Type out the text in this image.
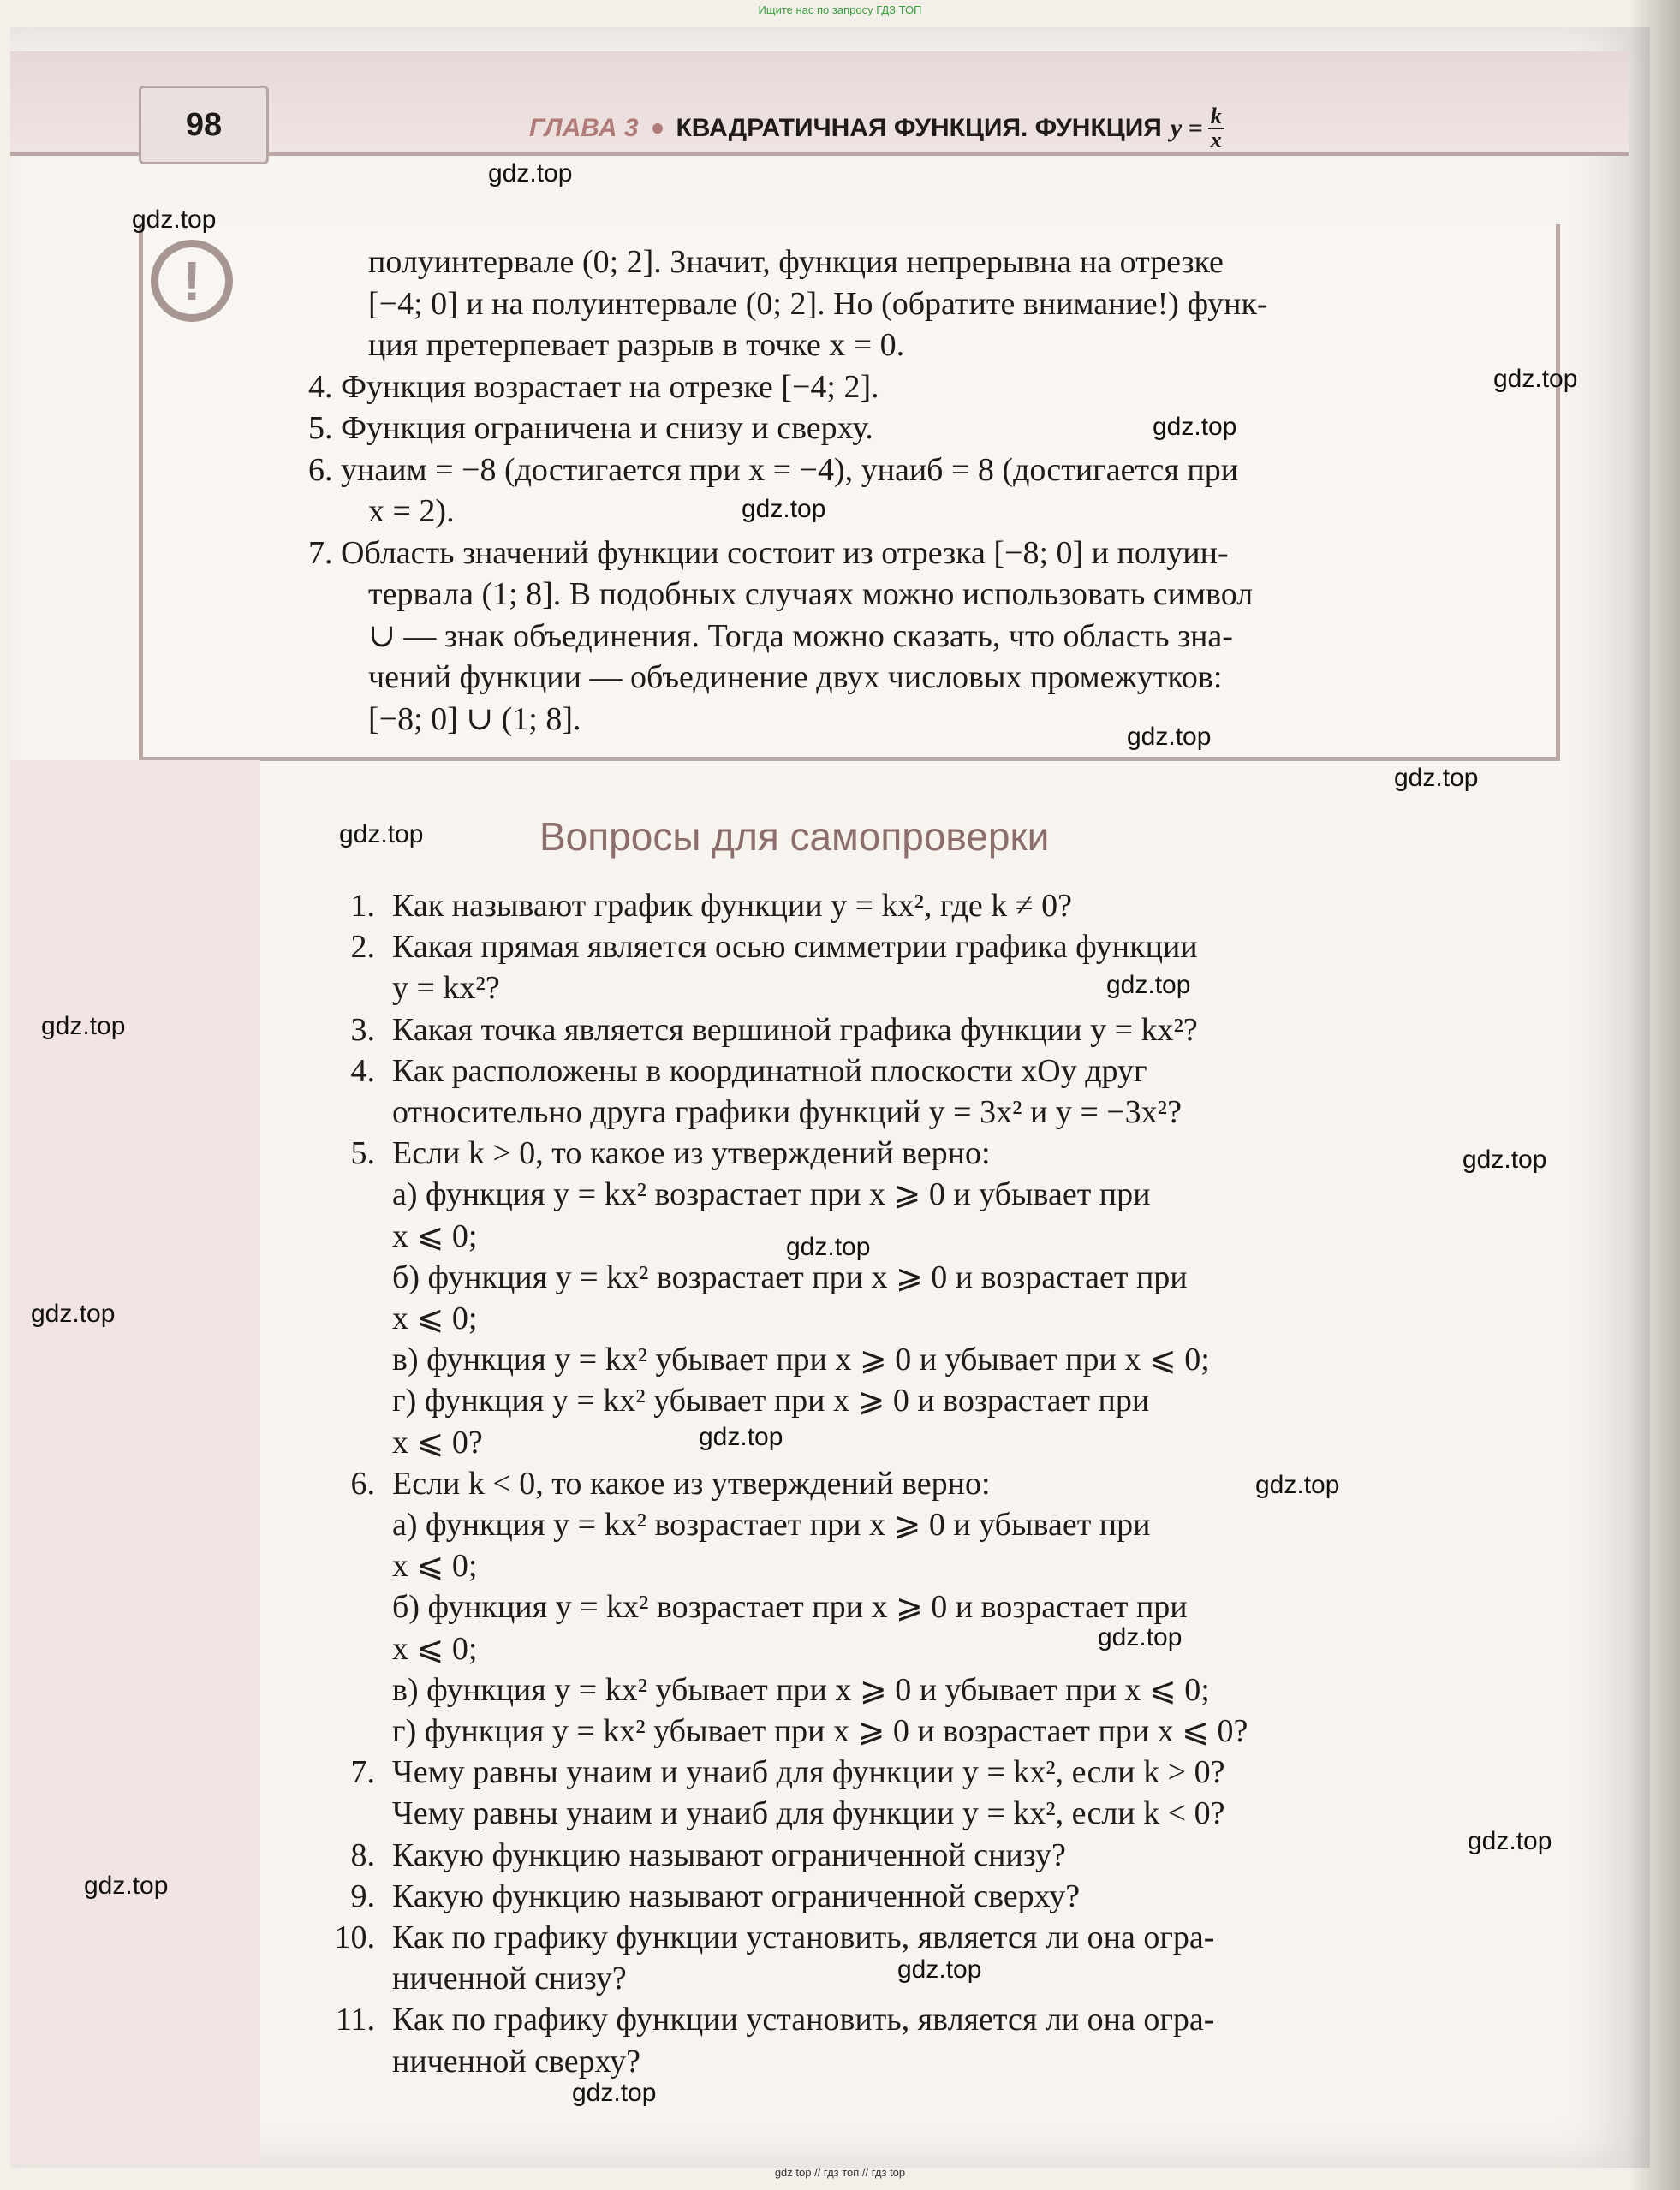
Ищите нас по запросу ГДЗ ТОП
98	ГЛАВА 3 КВАДРАТИЧНАЯ ФУНКЦИЯ. ФУНКЦИЯ $y = \frac{k}{x}$
!	полуинтервале (0; 2]. Значит, функция непрерывна на отрезке
[−4; 0] и на полуинтервале (0; 2]. Но (обратите внимание!) функ-
ция претерпевает разрыв в точке x = 0.
4. Функция возрастает на отрезке [−4; 2].
5. Функция ограничена и снизу и сверху.
6. yнаим = −8 (достигается при x = −4), yнаиб = 8 (достигается при
x = 2).
7. Область значений функции состоит из отрезка [−8; 0] и полуин-
тервала (1; 8]. В подобных случаях можно использовать символ
∪ — знак объединения. Тогда можно сказать, что область зна-
чений функции — объединение двух числовых промежутков:
[−8; 0] ∪ (1; 8].
Вопросы для самопроверки
1. Как называют график функции y = kx², где k ≠ 0?
2. Какая прямая является осью симметрии графика функции
y = kx²?
3. Какая точка является вершиной графика функции y = kx²?
4. Как расположены в координатной плоскости xOy друг
относительно друга графики функций y = 3x² и y = −3x²?
5. Если k > 0, то какое из утверждений верно:
а) функция y = kx² возрастает при x ⩾ 0 и убывает при
x ⩽ 0;
б) функция y = kx² возрастает при x ⩾ 0 и возрастает при
x ⩽ 0;
в) функция y = kx² убывает при x ⩾ 0 и убывает при x ⩽ 0;
г) функция y = kx² убывает при x ⩾ 0 и возрастает при
x ⩽ 0?
6. Если k < 0, то какое из утверждений верно:
а) функция y = kx² возрастает при x ⩾ 0 и убывает при
x ⩽ 0;
б) функция y = kx² возрастает при x ⩾ 0 и возрастает при
x ⩽ 0;
в) функция y = kx² убывает при x ⩾ 0 и убывает при x ⩽ 0;
г) функция y = kx² убывает при x ⩾ 0 и возрастает при x ⩽ 0?
7. Чему равны yнаим и yнаиб для функции y = kx², если k > 0?
Чему равны yнаим и yнаиб для функции y = kx², если k < 0?
8. Какую функцию называют ограниченной снизу?
9. Какую функцию называют ограниченной сверху?
10. Как по графику функции установить, является ли она огра-
ниченной снизу?
11. Как по графику функции установить, является ли она огра-
ниченной сверху?
gdz.top
gdz.top
gdz.top
gdz.top
gdz.top
gdz.top
gdz.top
gdz.top
gdz.top
gdz.top
gdz.top
gdz.top
gdz.top
gdz.top
gdz.top
gdz.top
gdz.top
gdz.top
gdz.top
gdz.top
gdz top // гдз топ // гдз top
